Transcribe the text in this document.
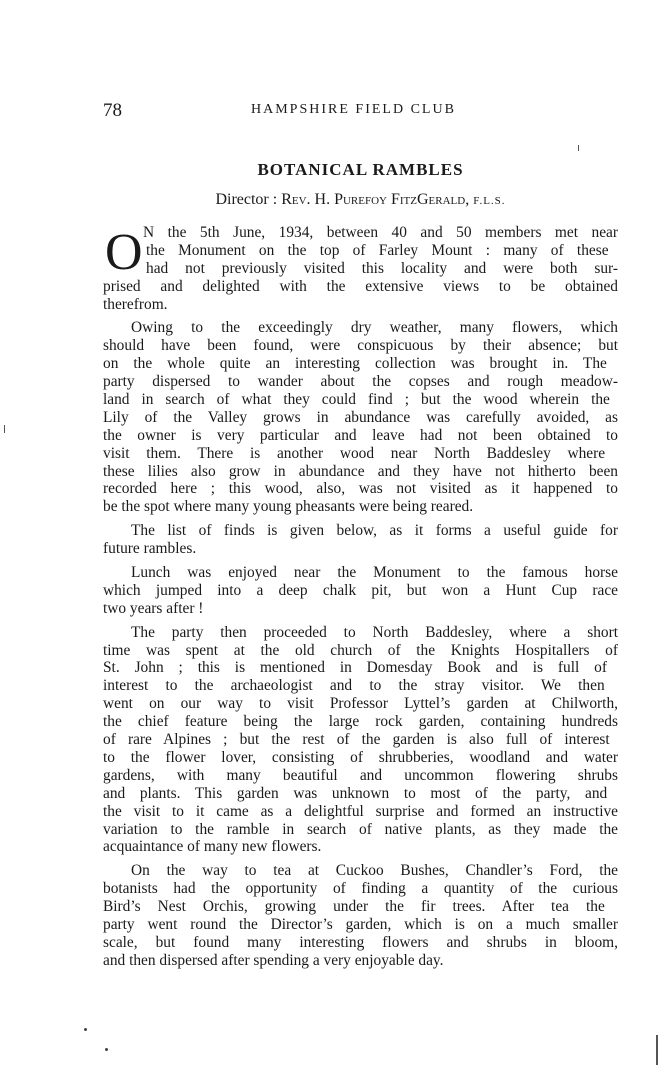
78	HAMPSHIRE FIELD CLUB
BOTANICAL RAMBLES
Director : Rev. H. Purefoy FitzGerald, F.L.S.
O N the 5th June, 1934, between 40 and 50 members met near
the Monument on the top of Farley Mount : many of these
had not previously visited this locality and were both sur-
prised and delighted with the extensive views to be obtained
therefrom.
Owing to the exceedingly dry weather, many flowers, which
should have been found, were conspicuous by their absence; but
on the whole quite an interesting collection was brought in. The
party dispersed to wander about the copses and rough meadow-
land in search of what they could find ; but the wood wherein the
Lily of the Valley grows in abundance was carefully avoided, as
the owner is very particular and leave had not been obtained to
visit them. There is another wood near North Baddesley where
these lilies also grow in abundance and they have not hitherto been
recorded here ; this wood, also, was not visited as it happened to
be the spot where many young pheasants were being reared.
The list of finds is given below, as it forms a useful guide for
future rambles.
Lunch was enjoyed near the Monument to the famous horse
which jumped into a deep chalk pit, but won a Hunt Cup race
two years after !
The party then proceeded to North Baddesley, where a short
time was spent at the old church of the Knights Hospitallers of
St. John ; this is mentioned in Domesday Book and is full of
interest to the archaeologist and to the stray visitor. We then
went on our way to visit Professor Lyttel’s garden at Chilworth,
the chief feature being the large rock garden, containing hundreds
of rare Alpines ; but the rest of the garden is also full of interest
to the flower lover, consisting of shrubberies, woodland and water
gardens, with many beautiful and uncommon flowering shrubs
and plants. This garden was unknown to most of the party, and
the visit to it came as a delightful surprise and formed an instructive
variation to the ramble in search of native plants, as they made the
acquaintance of many new flowers.
On the way to tea at Cuckoo Bushes, Chandler’s Ford, the
botanists had the opportunity of finding a quantity of the curious
Bird’s Nest Orchis, growing under the fir trees. After tea the
party went round the Director’s garden, which is on a much smaller
scale, but found many interesting flowers and shrubs in bloom,
and then dispersed after spending a very enjoyable day.
